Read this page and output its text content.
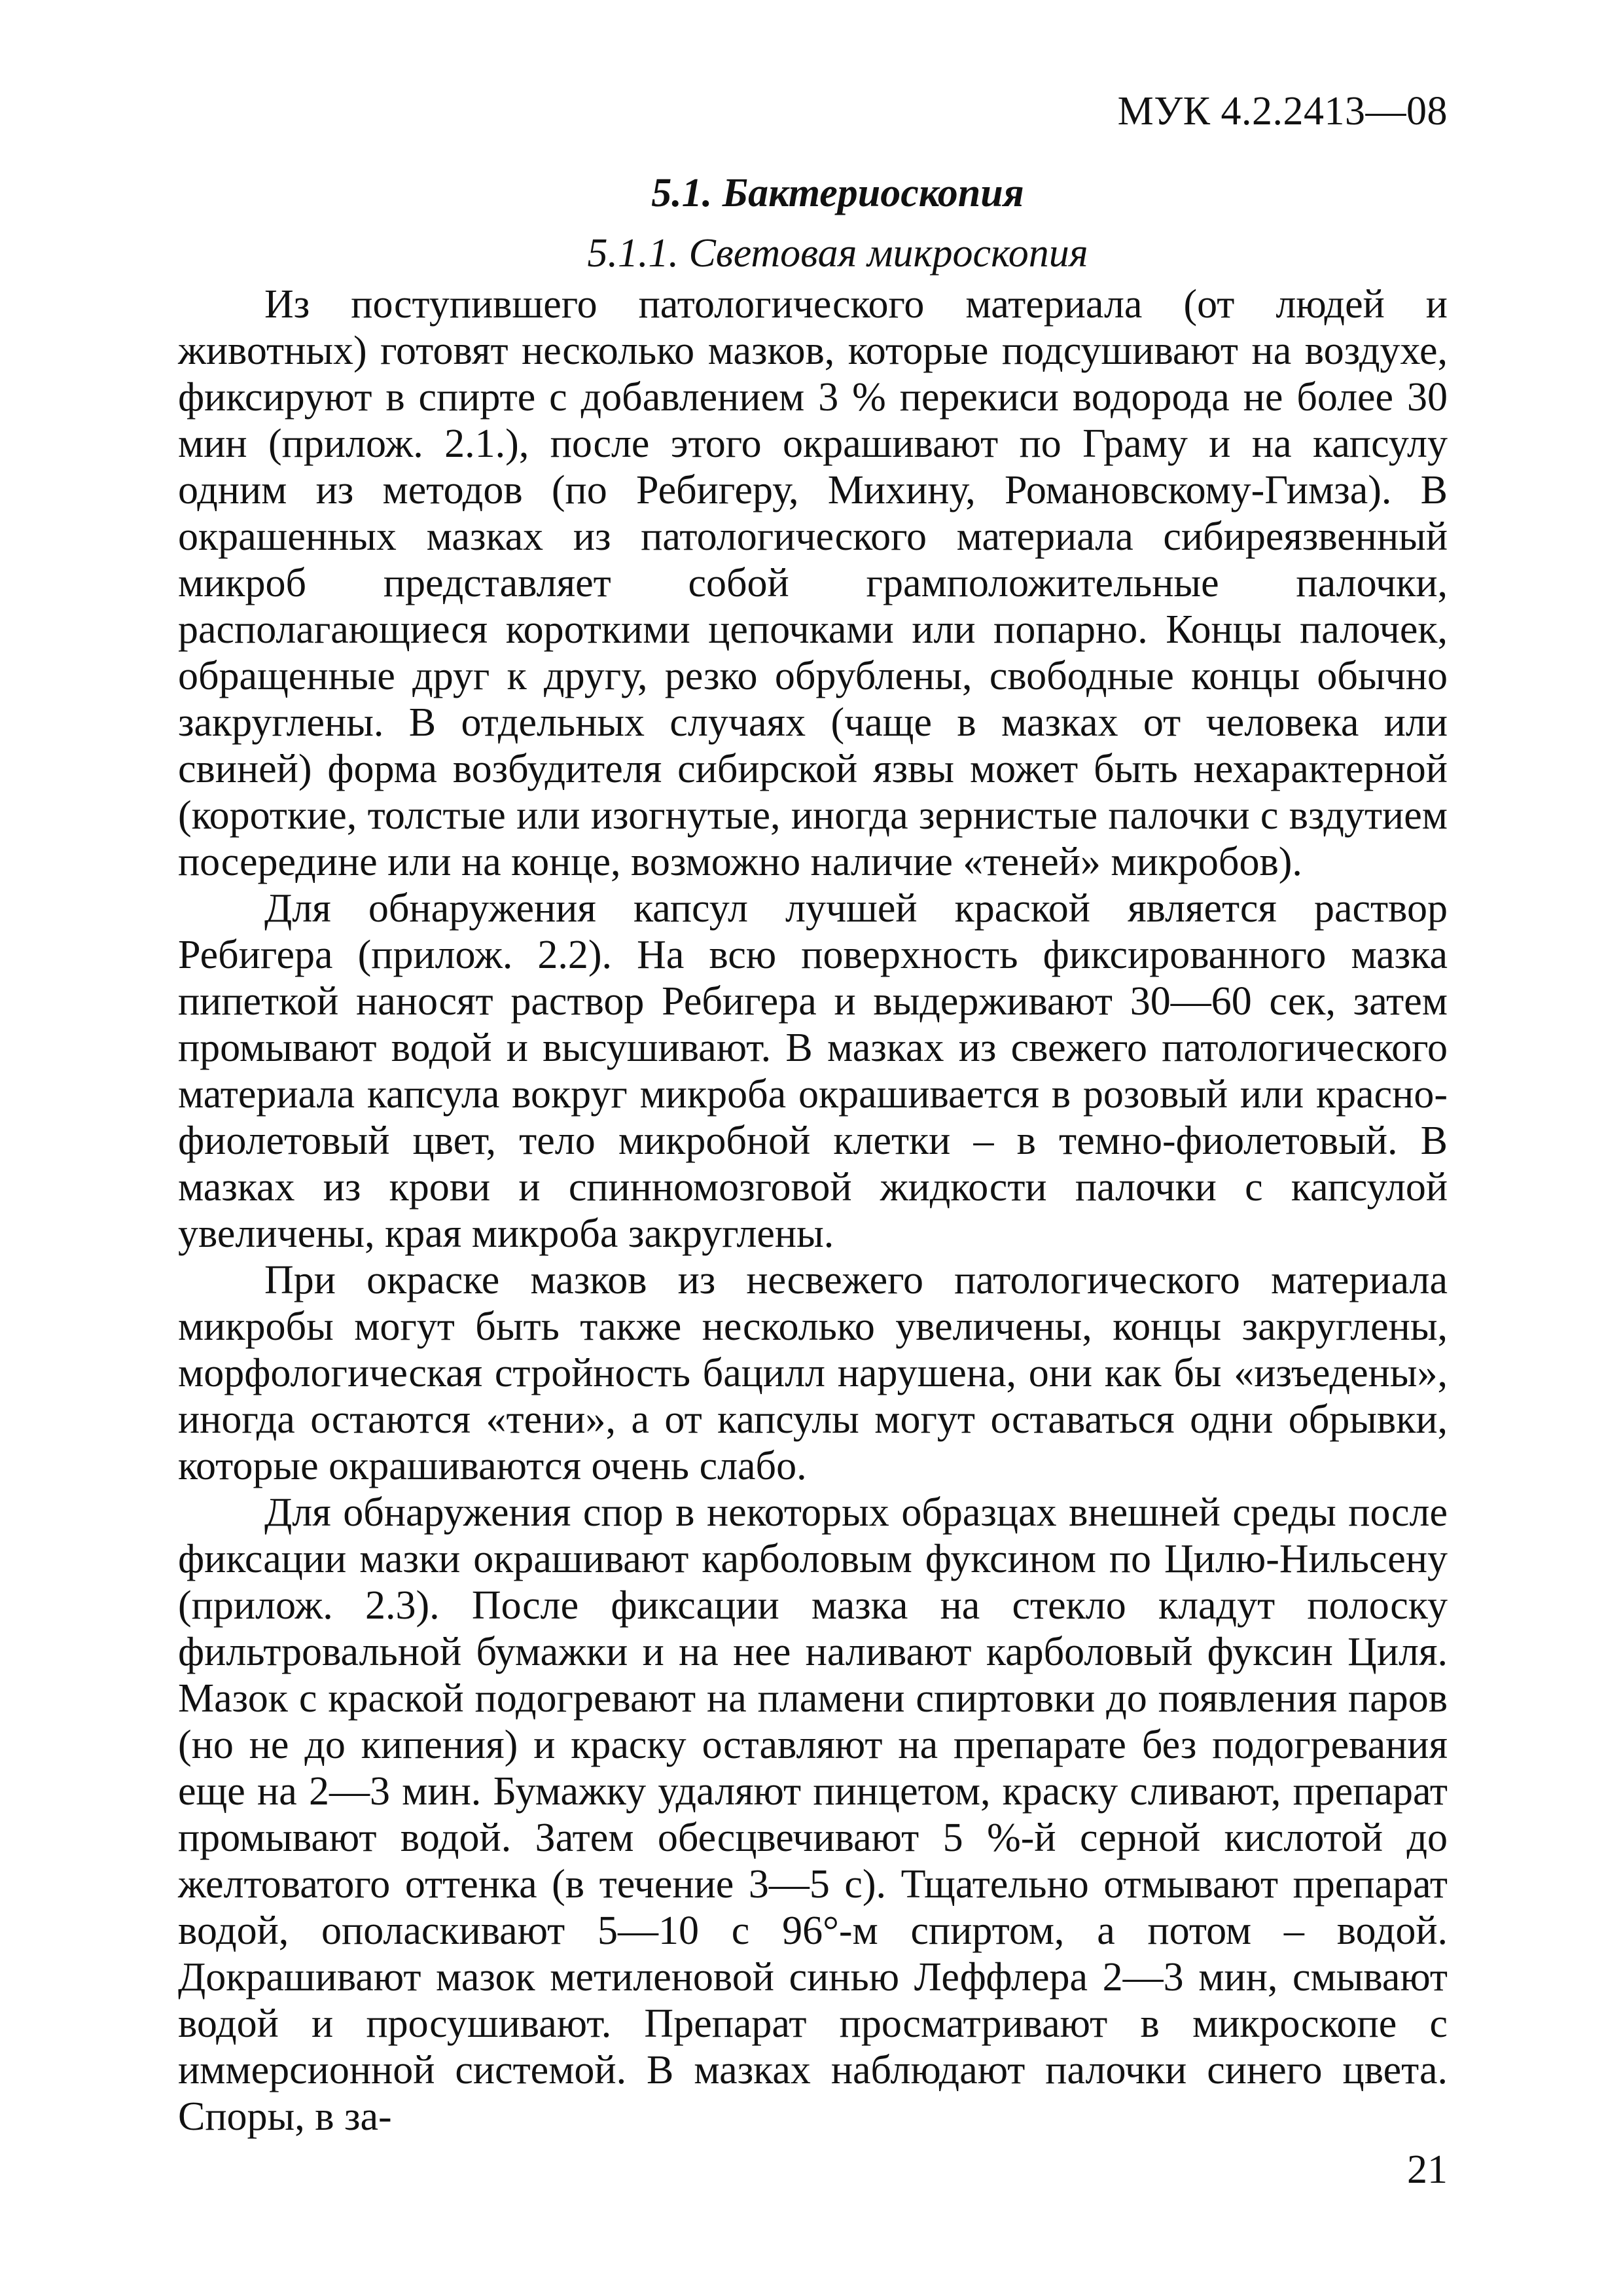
МУК 4.2.2413—08
5.1. Бактериоскопия
5.1.1. Световая микроскопия

Из поступившего патологического материала (от людей и животных) готовят несколько мазков, которые подсушивают на воздухе, фиксируют в спирте с добавлением 3 % перекиси водорода не более 30 мин (прилож. 2.1.), после этого окрашивают по Граму и на капсулу одним из методов (по Ребигеру, Михину, Романовскому-Гимза). В окрашенных мазках из патологического материала сибиреязвенный микроб представляет собой грамположительные палочки, располагающиеся короткими цепочками или попарно. Концы палочек, обращенные друг к другу, резко обрублены, свободные концы обычно закруглены. В отдельных случаях (чаще в мазках от человека или свиней) форма возбудителя сибирской язвы может быть нехарактерной (короткие, толстые или изогнутые, иногда зернистые палочки с вздутием посередине или на конце, возможно наличие «теней» микробов).

Для обнаружения капсул лучшей краской является раствор Ребигера (прилож. 2.2). На всю поверхность фиксированного мазка пипеткой наносят раствор Ребигера и выдерживают 30—60 сек, затем промывают водой и высушивают. В мазках из свежего патологического материала капсула вокруг микроба окрашивается в розовый или красно-фиолетовый цвет, тело микробной клетки – в темно-фиолетовый. В мазках из крови и спинномозговой жидкости палочки с капсулой увеличены, края микроба закруглены.

При окраске мазков из несвежего патологического материала микробы могут быть также несколько увеличены, концы закруглены, морфологическая стройность бацилл нарушена, они как бы «изъедены», иногда остаются «тени», а от капсулы могут оставаться одни обрывки, которые окрашиваются очень слабо.

Для обнаружения спор в некоторых образцах внешней среды после фиксации мазки окрашивают карболовым фуксином по Цилю-Нильсену (прилож. 2.3). После фиксации мазка на стекло кладут полоску фильтровальной бумажки и на нее наливают карболовый фуксин Циля. Мазок с краской подогревают на пламени спиртовки до появления паров (но не до кипения) и краску оставляют на препарате без подогревания еще на 2—3 мин. Бумажку удаляют пинцетом, краску сливают, препарат промывают водой. Затем обесцвечивают 5 %-й серной кислотой до желтоватого оттенка (в течение 3—5 с). Тщательно отмывают препарат водой, ополаскивают 5—10 с 96°-м спиртом, а потом – водой. Докрашивают мазок метиленовой синью Леффлера 2—3 мин, смывают водой и просушивают. Препарат просматривают в микроскопе с иммерсионной системой. В мазках наблюдают палочки синего цвета. Споры, в за-

21
